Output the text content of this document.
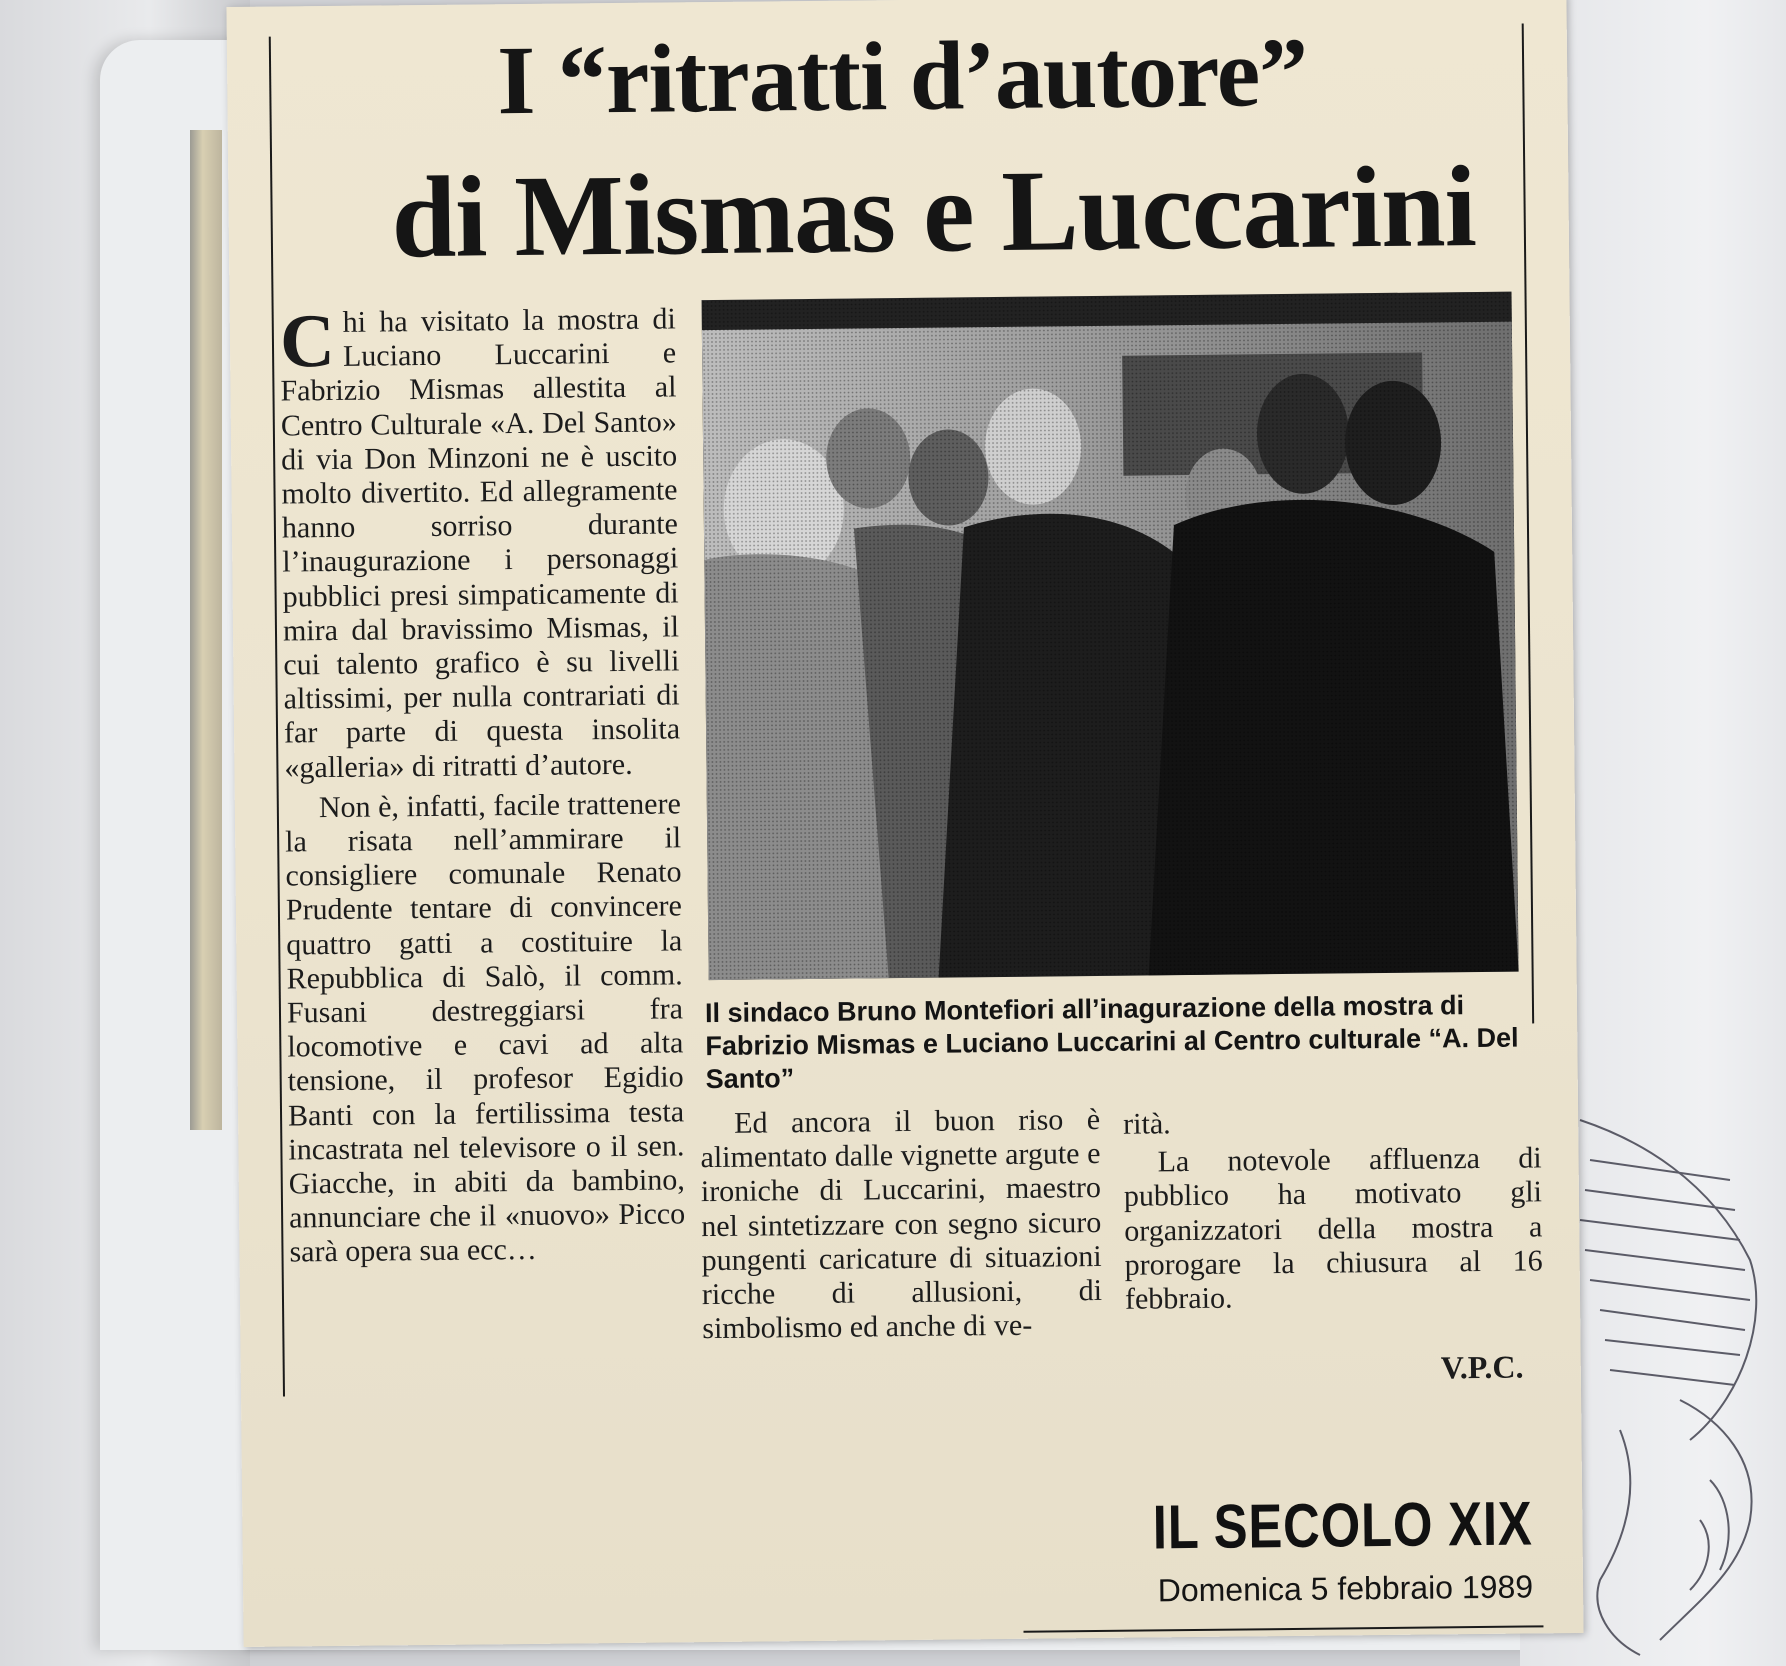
I “ritratti d’autore”
di Mismas e Luccarini

Chi ha visitato la mostra di Luciano Luccarini e Fabrizio Mismas allestita al Centro Culturale «A. Del Santo» di via Don Minzoni ne è uscito molto divertito. Ed allegramente hanno sorriso durante l’inaugurazione i personaggi pubblici presi simpaticamente di mira dal bravissimo Mismas, il cui talento grafico è su livelli altissimi, per nulla contrariati di far parte di questa insolita «galleria» di ritratti d’autore.

Non è, infatti, facile trattenere la risata nell’ammirare il consigliere comunale Renato Prudente tentare di convincere quattro gatti a costituire la Repubblica di Salò, il comm. Fusani destreggiarsi fra locomotive e cavi ad alta tensione, il profesor Egidio Banti con la fertilissima testa incastrata nel televisore o il sen. Giacche, in abiti da bambino, annunciare che il «nuovo» Picco sarà opera sua ecc…

Il sindaco Bruno Montefiori all’inagurazione della mostra di Fabrizio Mismas e Luciano Luccarini al Centro culturale “A. Del Santo”

Ed ancora il buon riso è alimentato dalle vignette argute e ironiche di Luccarini, maestro nel sintetizzare con segno sicuro pungenti caricature di situazioni ricche di allusioni, di simbolismo ed anche di ve-

rità.

La notevole affluenza di pubblico ha motivato gli organizzatori della mostra a prorogare la chiusura al 16 febbraio.

V.P.C.
IL SECOLO XIX
Domenica 5 febbraio 1989
